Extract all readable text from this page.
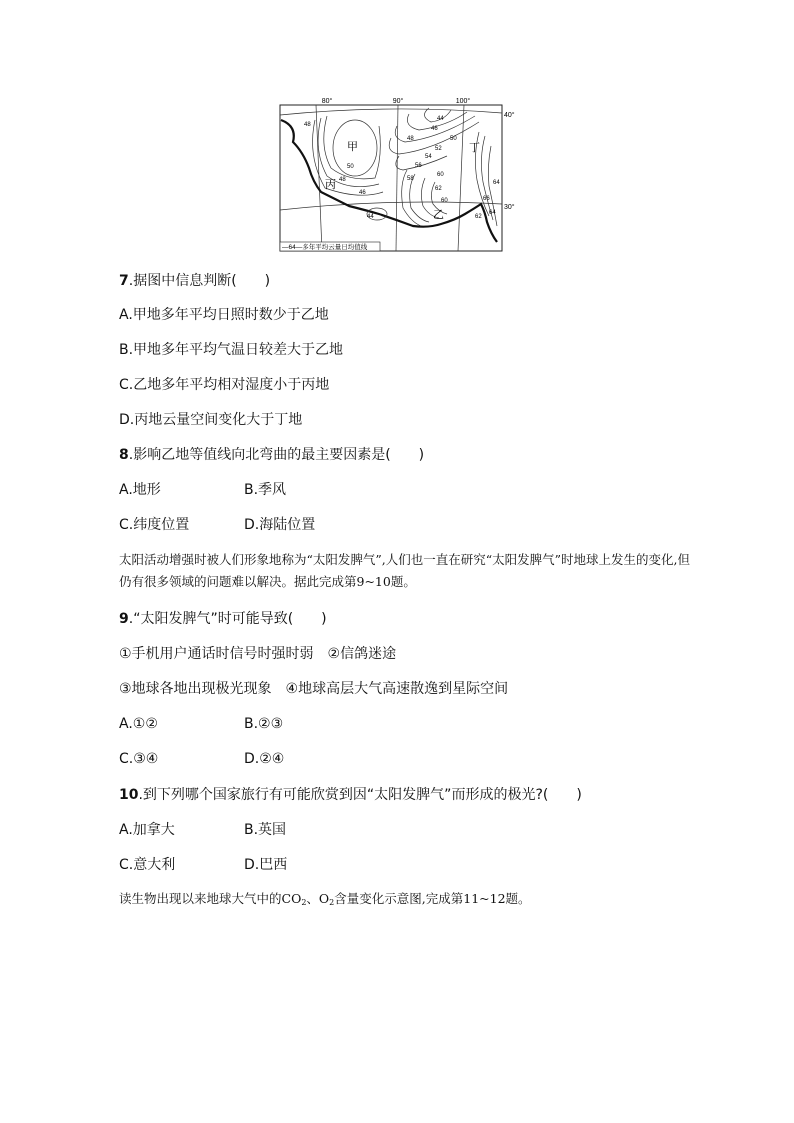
80°	90°	100°
40°
30°
甲
乙
丙
丁
48
50
48
46
44
44
46
48	50
52
54
56
58
60
62
64
66
64
62
60
—64—多年平均云量日均值线
7.据图中信息判断(　　)
A.甲地多年平均日照时数少于乙地
B.甲地多年平均气温日较差大于乙地
C.乙地多年平均相对湿度小于丙地
D.丙地云量空间变化大于丁地
8.影响乙地等值线向北弯曲的最主要因素是(　　)
A.地形	B.季风
C.纬度位置	D.海陆位置
太阳活动增强时被人们形象地称为“太阳发脾气”,人们也一直在研究“太阳发脾气”时地球上发生的变化,但仍有很多领域的问题难以解决。据此完成第9~10题。
9.“太阳发脾气”时可能导致(　　)
①手机用户通话时信号时强时弱　②信鸽迷途
③地球各地出现极光现象　④地球高层大气高速散逸到星际空间
A.①②	B.②③
C.③④	D.②④
10.到下列哪个国家旅行有可能欣赏到因“太阳发脾气”而形成的极光?(　　)
A.加拿大	B.英国
C.意大利	D.巴西
读生物出现以来地球大气中的$CO_2$、$O_2$含量变化示意图,完成第11~12题。
